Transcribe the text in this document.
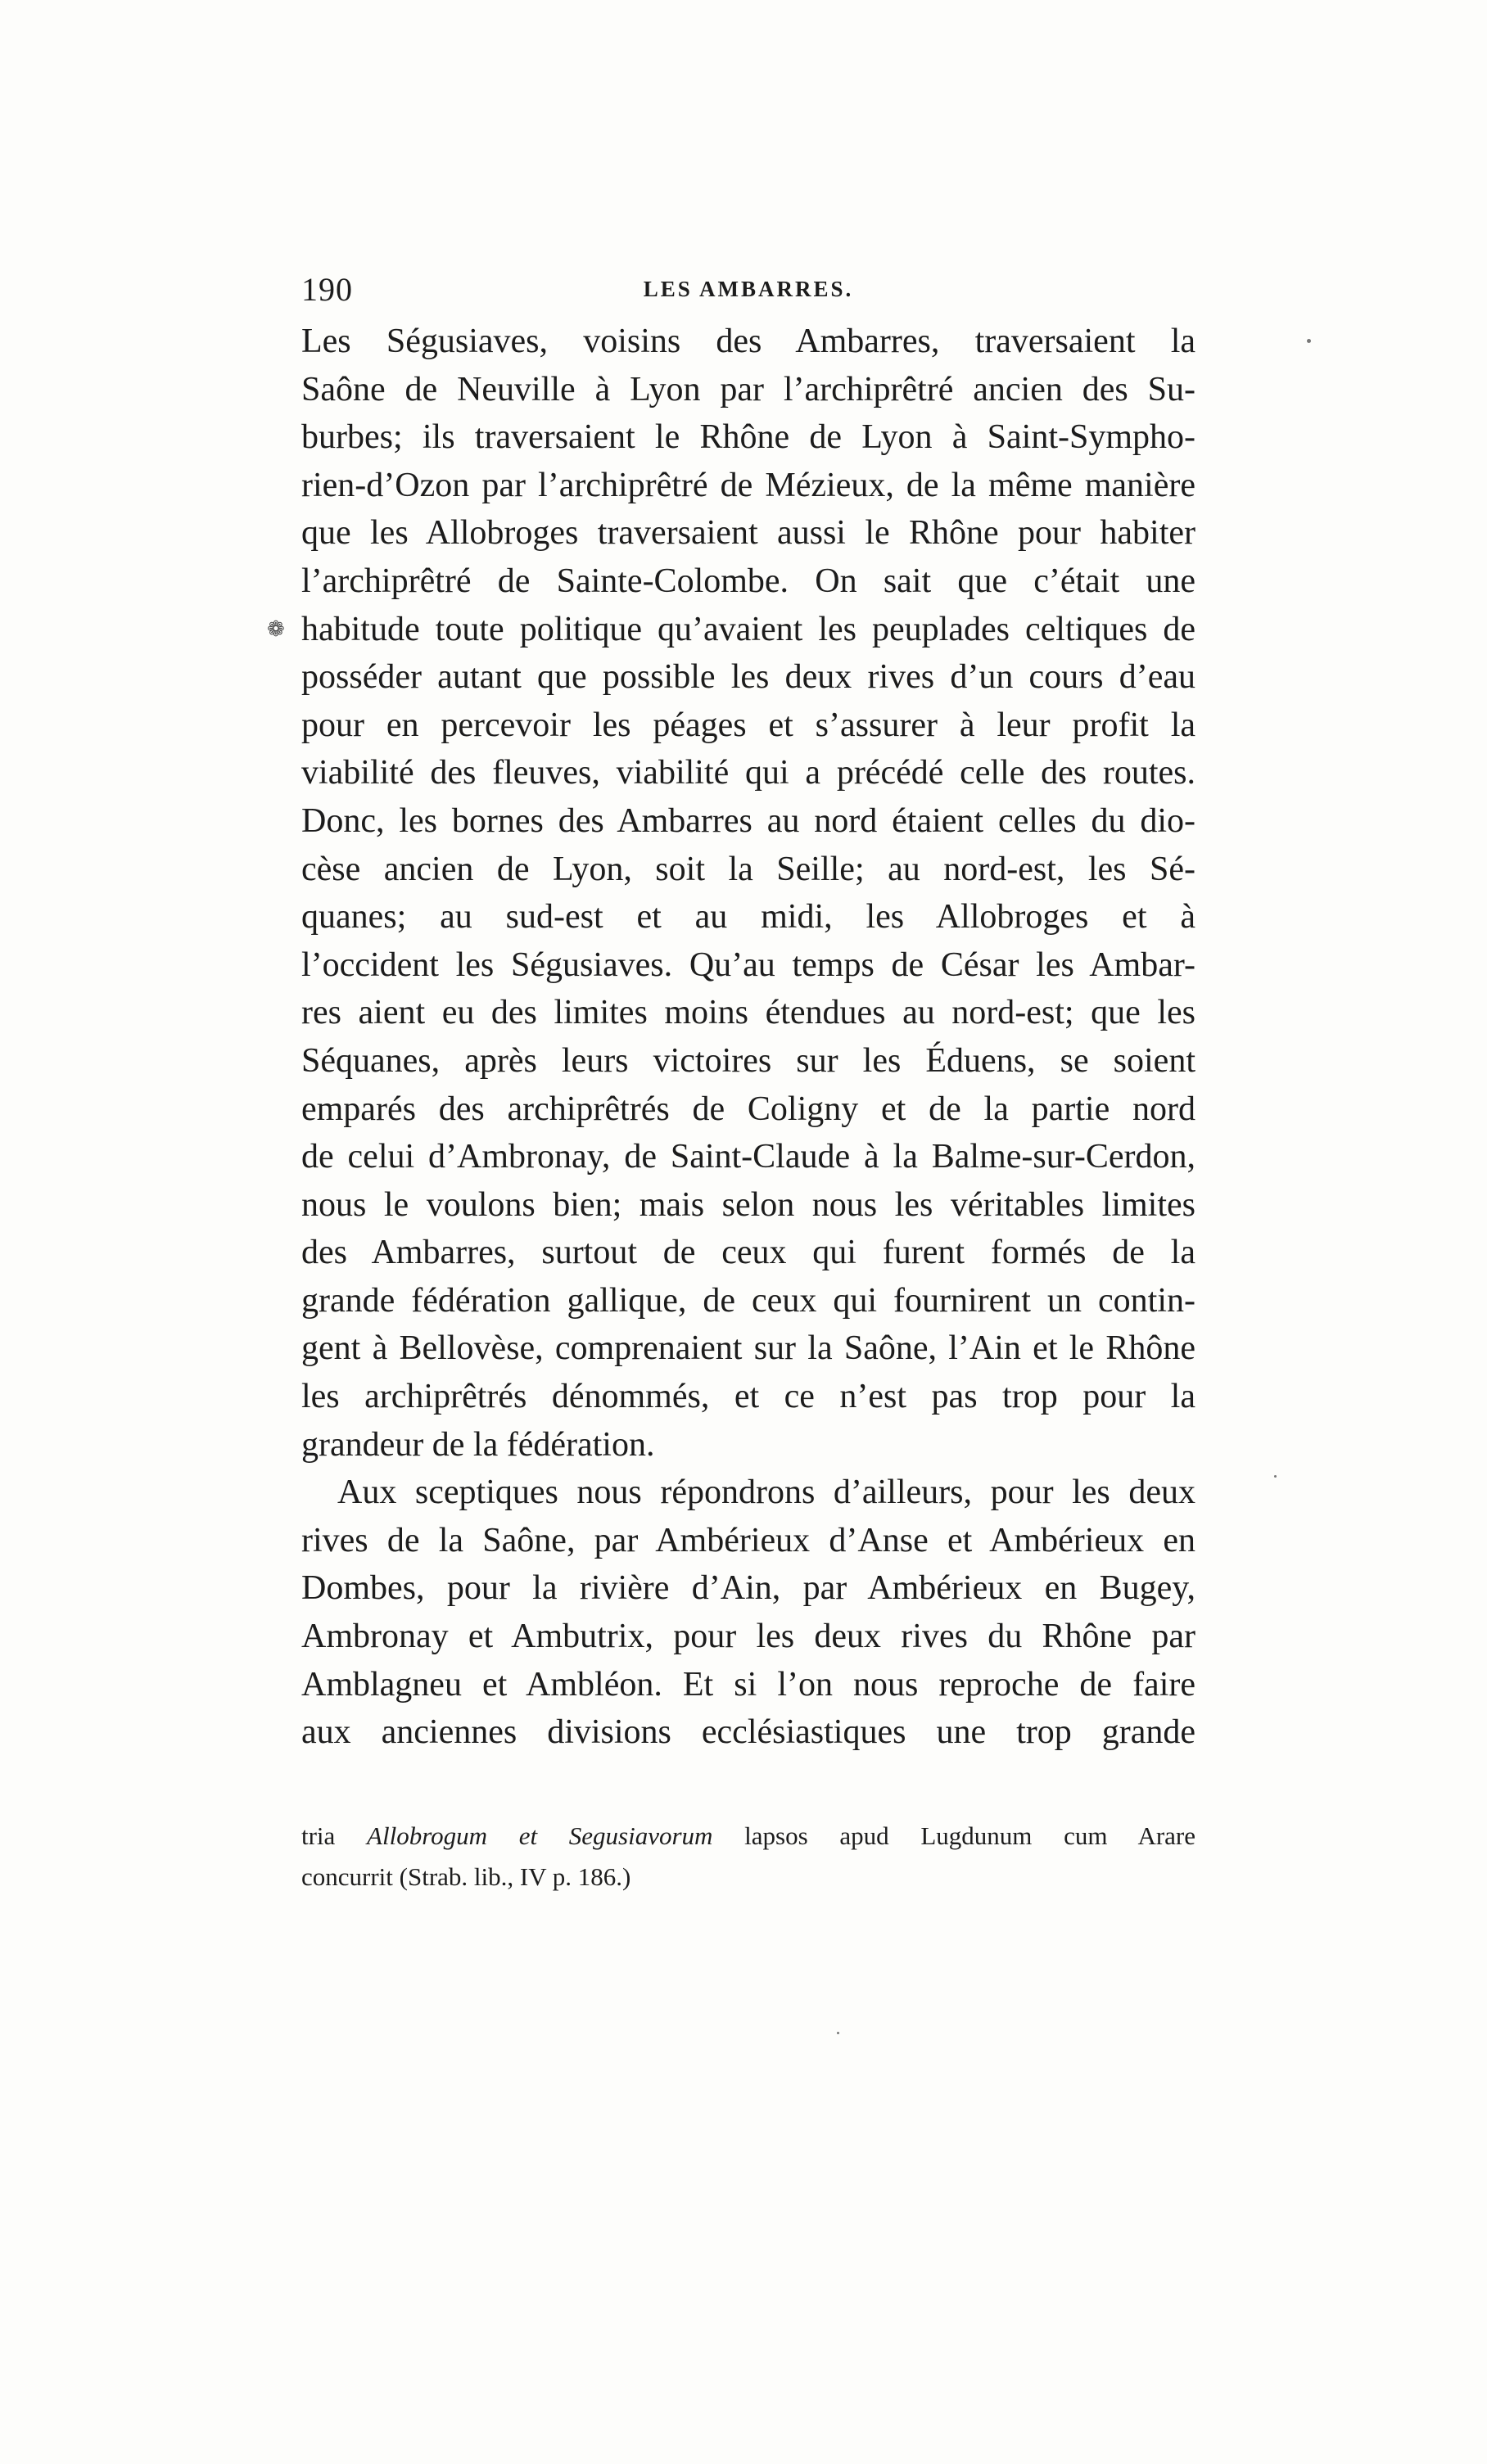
190	LES AMBARRES.
❁
Les Ségusiaves, voisins des Ambarres, traversaient la
Saône de Neuville à Lyon par l’archiprêtré ancien des Su-
burbes; ils traversaient le Rhône de Lyon à Saint-Sympho-
rien-d’Ozon par l’archiprêtré de Mézieux, de la même manière
que les Allobroges traversaient aussi le Rhône pour habiter
l’archiprêtré de Sainte-Colombe. On sait que c’était une
habitude toute politique qu’avaient les peuplades celtiques de
posséder autant que possible les deux rives d’un cours d’eau
pour en percevoir les péages et s’assurer à leur profit la
viabilité des fleuves, viabilité qui a précédé celle des routes.
Donc, les bornes des Ambarres au nord étaient celles du dio-
cèse ancien de Lyon, soit la Seille; au nord-est, les Sé-
quanes; au sud-est et au midi, les Allobroges et à
l’occident les Ségusiaves. Qu’au temps de César les Ambar-
res aient eu des limites moins étendues au nord-est; que les
Séquanes, après leurs victoires sur les Éduens, se soient
emparés des archiprêtrés de Coligny et de la partie nord
de celui d’Ambronay, de Saint-Claude à la Balme-sur-Cerdon,
nous le voulons bien; mais selon nous les véritables limites
des Ambarres, surtout de ceux qui furent formés de la
grande fédération gallique, de ceux qui fournirent un contin-
gent à Bellovèse, comprenaient sur la Saône, l’Ain et le Rhône
les archiprêtrés dénommés, et ce n’est pas trop pour la
grandeur de la fédération.
Aux sceptiques nous répondrons d’ailleurs, pour les deux
rives de la Saône, par Ambérieux d’Anse et Ambérieux en
Dombes, pour la rivière d’Ain, par Ambérieux en Bugey,
Ambronay et Ambutrix, pour les deux rives du Rhône par
Amblagneu et Ambléon. Et si l’on nous reproche de faire
aux anciennes divisions ecclésiastiques une trop grande
tria Allobrogum et Segusiavorum lapsos apud Lugdunum cum Arare
concurrit (Strab. lib., IV p. 186.)
